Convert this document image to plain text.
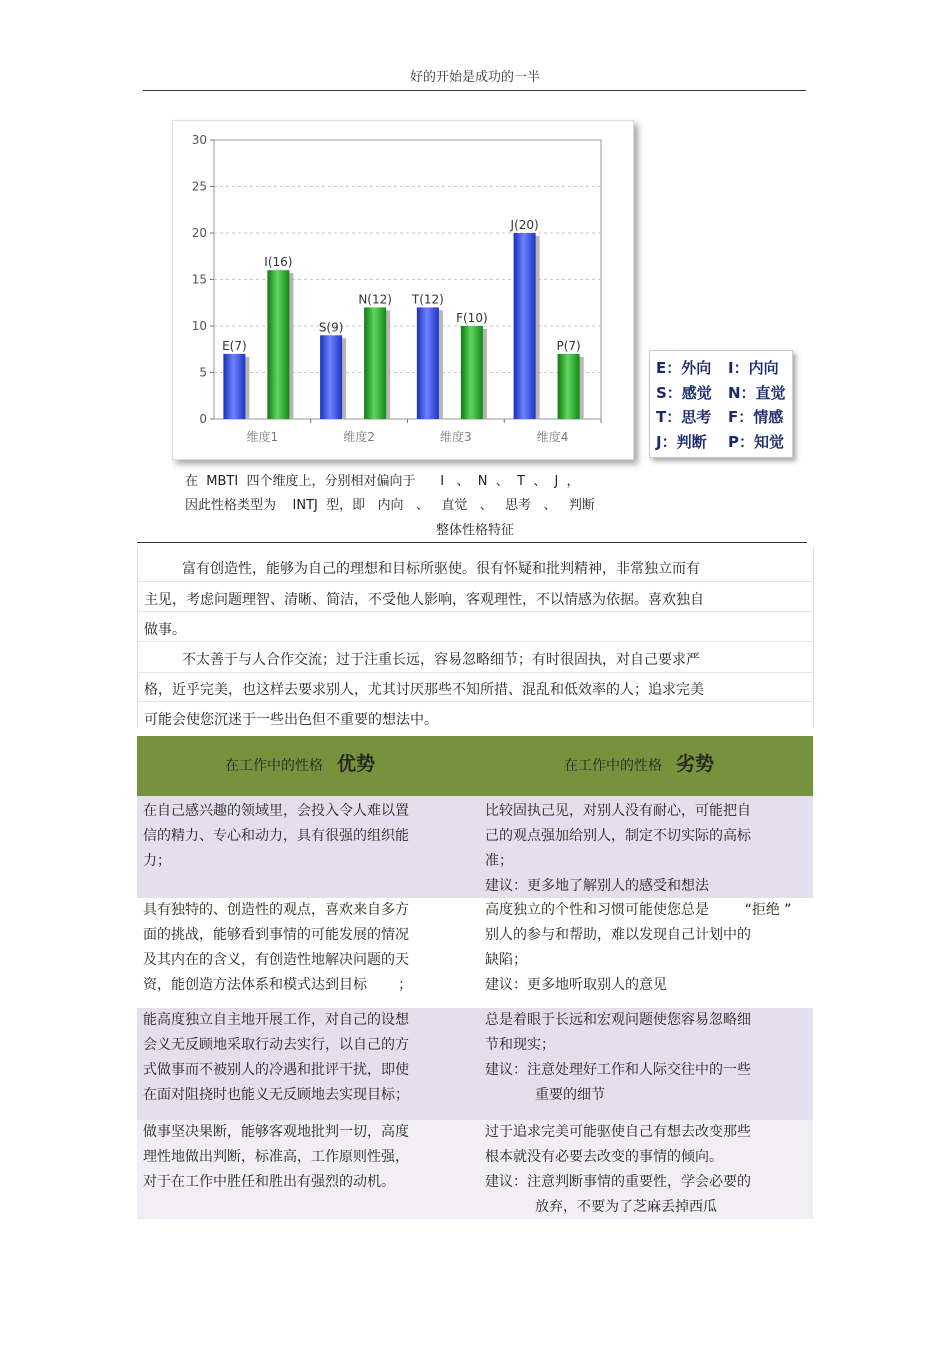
好的开始是成功的一半
0
5
10
15
20
25
30
维度1
E(7)
I(16)
维度2
S(9)
N(12)
维度3
T(12)
F(10)
维度4
J(20)
P(7)
E：外向 I：内向
S：感觉 N：直觉
T：思考 F：情感
J：判断 P：知觉
在  MBTI  四个维度上，分别相对偏向于      I   、  N  、  T  、  J  ，
因此性格类型为    INTJ  型，即   内向   、   直觉   、   思考   、   判断
整体性格特征
富有创造性，能够为自己的理想和目标所驱使。很有怀疑和批判精神，非常独立而有
主见，考虑问题理智、清晰、简洁，不受他人影响，客观理性，不以情感为依据。喜欢独自
做事。
不太善于与人合作交流；过于注重长远，容易忽略细节；有时很固执，对自己要求严
格，近乎完美，也这样去要求别人，尤其讨厌那些不知所措、混乱和低效率的人；追求完美
可能会使您沉迷于一些出色但不重要的想法中。
在工作中的性格 优势	在工作中的性格 劣势

在自己感兴趣的领域里，会投入令人难以置

信的精力、专心和动力，具有很强的组织能

力；

比较固执己见，对别人没有耐心，可能把自

己的观点强加给别人，制定不切实际的高标

准；

建议：更多地了解别人的感受和想法

具有独特的、创造性的观点，喜欢来自多方

面的挑战，能够看到事情的可能发展的情况

及其内在的含义，有创造性地解决问题的天

资，能创造方法体系和模式达到目标       ；

高度独立的个性和习惯可能使您总是        “拒绝 ”

别人的参与和帮助，难以发现自己计划中的

缺陷；

建议：更多地听取别人的意见

能高度独立自主地开展工作，对自己的设想

会义无反顾地采取行动去实行，以自己的方

式做事而不被别人的冷遇和批评干扰，即使

在面对阻挠时也能义无反顾地去实现目标；

总是着眼于长远和宏观问题使您容易忽略细

节和现实；

建议：注意处理好工作和人际交往中的一些

重要的细节

做事坚决果断，能够客观地批判一切，高度

理性地做出判断，标准高，工作原则性强，

对于在工作中胜任和胜出有强烈的动机。

过于追求完美可能驱使自己有想去改变那些

根本就没有必要去改变的事情的倾向。

建议：注意判断事情的重要性，学会必要的

放弃，不要为了芝麻丢掉西瓜
